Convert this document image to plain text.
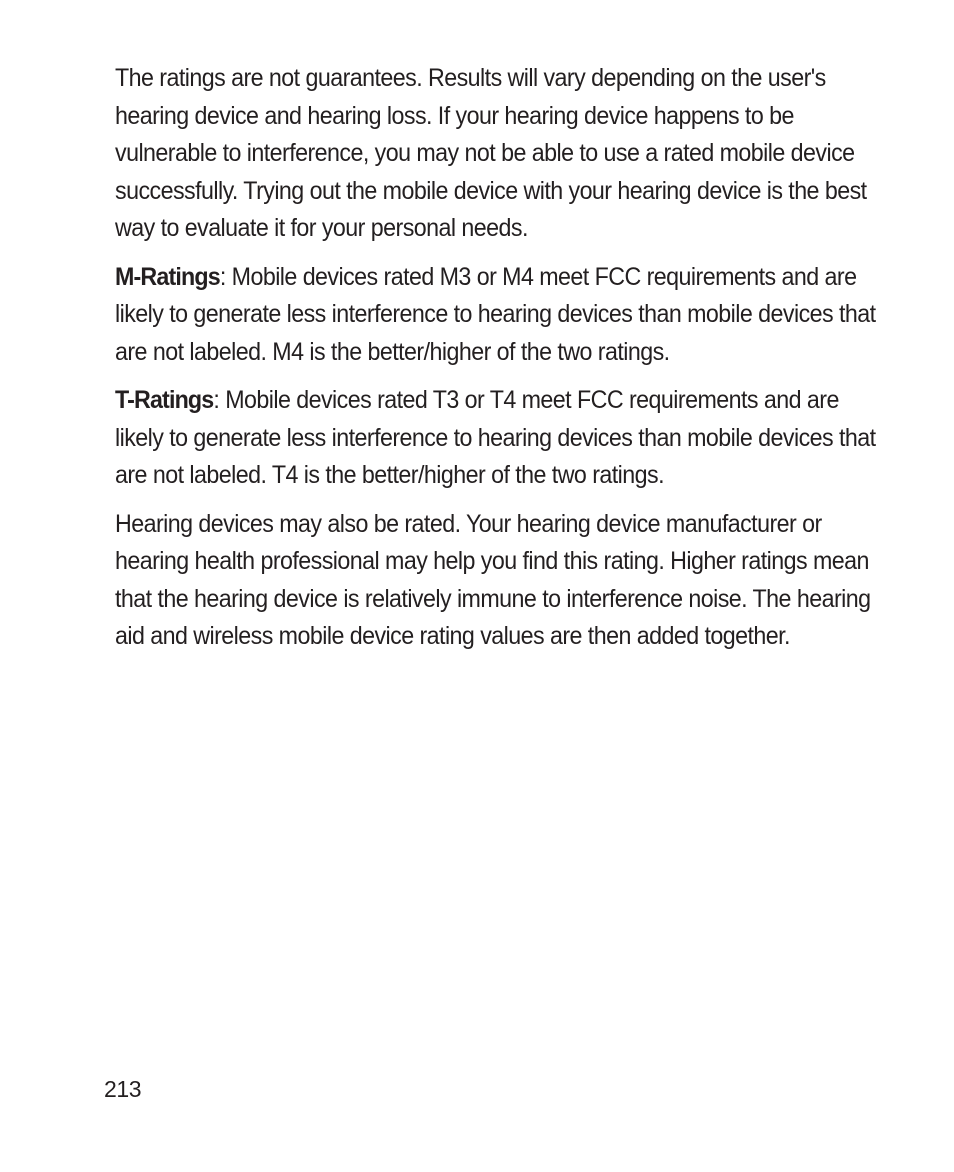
The ratings are not guarantees. Results will vary depending on the user's hearing device and hearing loss. If your hearing device happens to be vulnerable to interference, you may not be able to use a rated mobile device successfully. Trying out the mobile device with your hearing device is the best way to evaluate it for your personal needs.

M-Ratings: Mobile devices rated M3 or M4 meet FCC requirements and are likely to generate less interference to hearing devices than mobile devices that are not labeled. M4 is the better/higher of the two ratings.

T-Ratings: Mobile devices rated T3 or T4 meet FCC requirements and are likely to generate less interference to hearing devices than mobile devices that are not labeled. T4 is the better/higher of the two ratings.

Hearing devices may also be rated. Your hearing device manufacturer or hearing health professional may help you find this rating. Higher ratings mean that the hearing device is relatively immune to interference noise. The hearing aid and wireless mobile device rating values are then added together.

213
